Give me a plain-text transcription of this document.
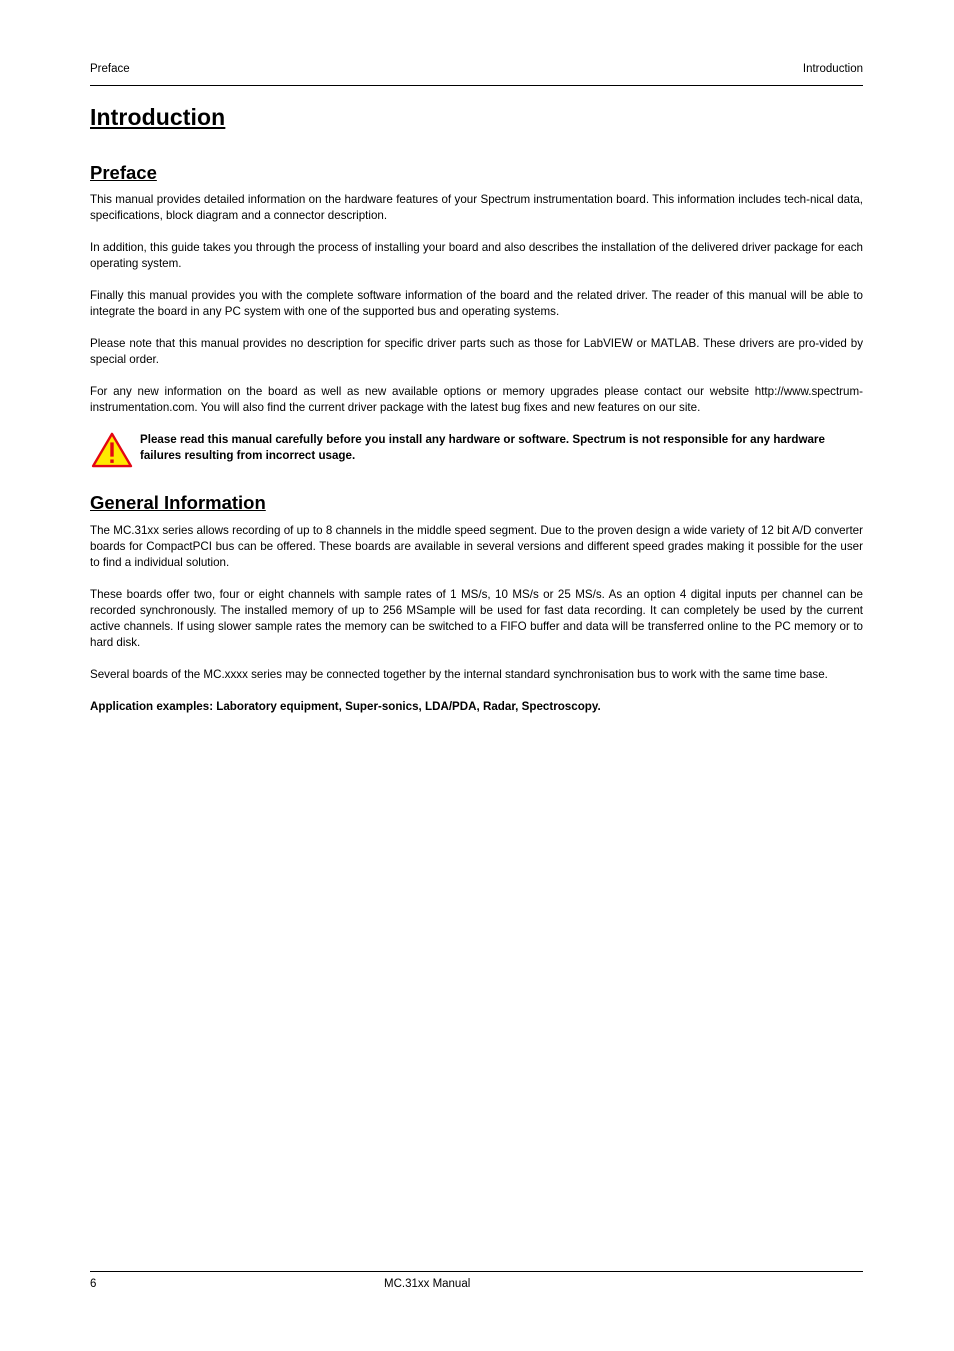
Preface	Introduction
Introduction
Preface

This manual provides detailed information on the hardware features of your Spectrum instrumentation board. This information includes tech-nical data, specifications, block diagram and a connector description.

In addition, this guide takes you through the process of installing your board and also describes the installation of the delivered driver package for each operating system.

Finally this manual provides you with the complete software information of the board and the related driver. The reader of this manual will be able to integrate the board in any PC system with one of the supported bus and operating systems.

Please note that this manual provides no description for specific driver parts such as those for LabVIEW or MATLAB. These drivers are pro-vided by special order.

For any new information on the board as well as new available options or memory upgrades please contact our website http://www.spectrum-instrumentation.com. You will also find the current driver package with the latest bug fixes and new features on our site.

Please read this manual carefully before you install any hardware or software. Spectrum is not responsible for any hardware failures resulting from incorrect usage.

General Information

The MC.31xx series allows recording of up to 8 channels in the middle speed segment. Due to the proven design a wide variety of 12 bit A/D converter boards for CompactPCI bus can be offered. These boards are available in several versions and different speed grades making it possible for the user to find a individual solution.

These boards offer two, four or eight channels with sample rates of 1 MS/s, 10 MS/s or 25 MS/s. As an option 4 digital inputs per channel can be recorded synchronously. The installed memory of up to 256 MSample will be used for fast data recording. It can completely be used by the current active channels. If using slower sample rates the memory can be switched to a FIFO buffer and data will be transferred online to the PC memory or to hard disk.

Several boards of the MC.xxxx series may be connected together by the internal standard synchronisation bus to work with the same time base.

Application examples: Laboratory equipment, Super-sonics, LDA/PDA, Radar, Spectroscopy.

6	MC.31xx Manual
